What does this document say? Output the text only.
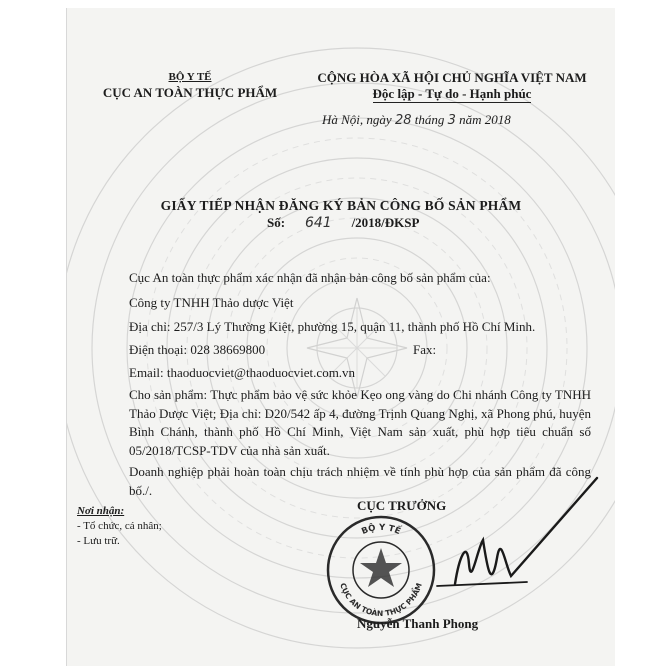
BỘ Y TẾ
CỤC AN TOÀN THỰC PHẨM
CỘNG HÒA XÃ HỘI CHỦ NGHĨA VIỆT NAM
Độc lập - Tự do - Hạnh phúc
Hà Nội, ngày 28 tháng 3 năm 2018
GIẤY TIẾP NHẬN ĐĂNG KÝ BẢN CÔNG BỐ SẢN PHẨM
Số: 641 /2018/ĐKSP
Cục An toàn thực phẩm xác nhận đã nhận bản công bố sản phẩm của:
Công ty TNHH Thảo dược Việt
Địa chỉ: 257/3 Lý Thường Kiệt, phường 15, quận 11, thành phố Hồ Chí Minh.
Điện thoại: 028 38669800	Fax:
Email: thaoduocviet@thaoduocviet.com.vn
Cho sản phẩm: Thực phẩm bảo vệ sức khỏe Kẹo ong vàng do Chi nhánh Công ty TNHH Thảo Dược Việt; Địa chỉ: D20/542 ấp 4, đường Trịnh Quang Nghị, xã Phong phú, huyện Bình Chánh, thành phố Hồ Chí Minh, Việt Nam sản xuất, phù hợp tiêu chuẩn số 05/2018/TCSP-TDV của nhà sản xuất.
Doanh nghiệp phải hoàn toàn chịu trách nhiệm về tính phù hợp của sản phẩm đã công bố./.
Nơi nhận:
- Tổ chức, cá nhân;
- Lưu trữ.
CỤC TRƯỞNG
BỘ Y TẾ
CỤC AN TOÀN THỰC PHẨM
Nguyễn Thanh Phong
